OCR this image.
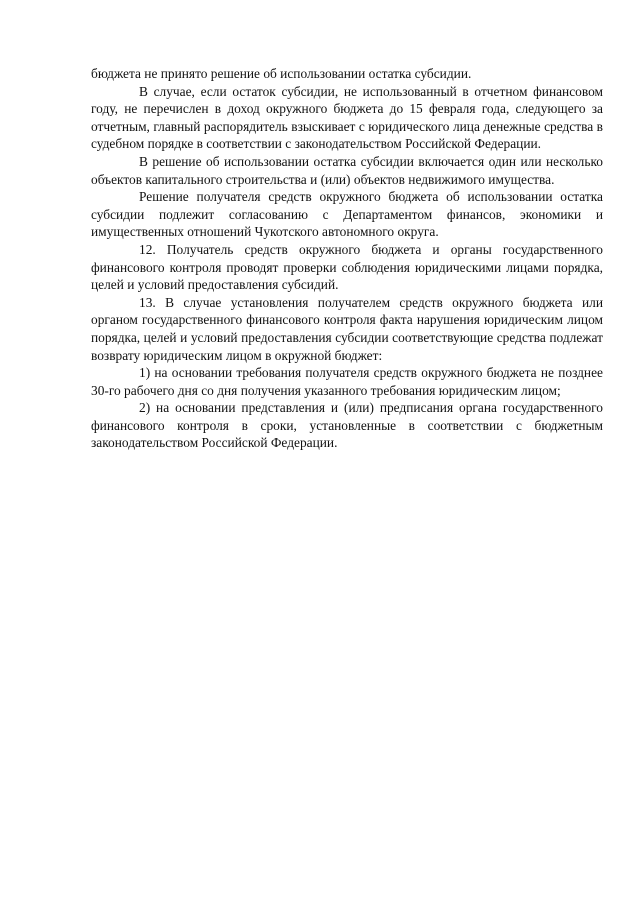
бюджета не принято решение об использовании остатка субсидии.

В случае, если остаток субсидии, не использованный в отчетном финансовом году, не перечислен в доход окружного бюджета до 15 февраля года, следующего за отчетным, главный распорядитель взыскивает с юридического лица денежные средства в судебном порядке в соответствии с законодательством Российской Федерации.

В решение об использовании остатка субсидии включается один или несколько объектов капитального строительства и (или) объектов недвижимого имущества.

Решение получателя средств окружного бюджета об использовании остатка субсидии подлежит согласованию с Департаментом финансов, экономики и имущественных отношений Чукотского автономного округа.

12. Получатель средств окружного бюджета и органы государственного финансового контроля проводят проверки соблюдения юридическими лицами порядка, целей и условий предоставления субсидий.

13. В случае установления получателем средств окружного бюджета или органом государственного финансового контроля факта нарушения юридическим лицом порядка, целей и условий предоставления субсидии соответствующие средства подлежат возврату юридическим лицом в окружной бюджет:

1) на основании требования получателя средств окружного бюджета не позднее 30-го рабочего дня со дня получения указанного требования юридическим лицом;

2) на основании представления и (или) предписания органа государственного финансового контроля в сроки, установленные в соответствии с бюджетным законодательством Российской Федерации.
